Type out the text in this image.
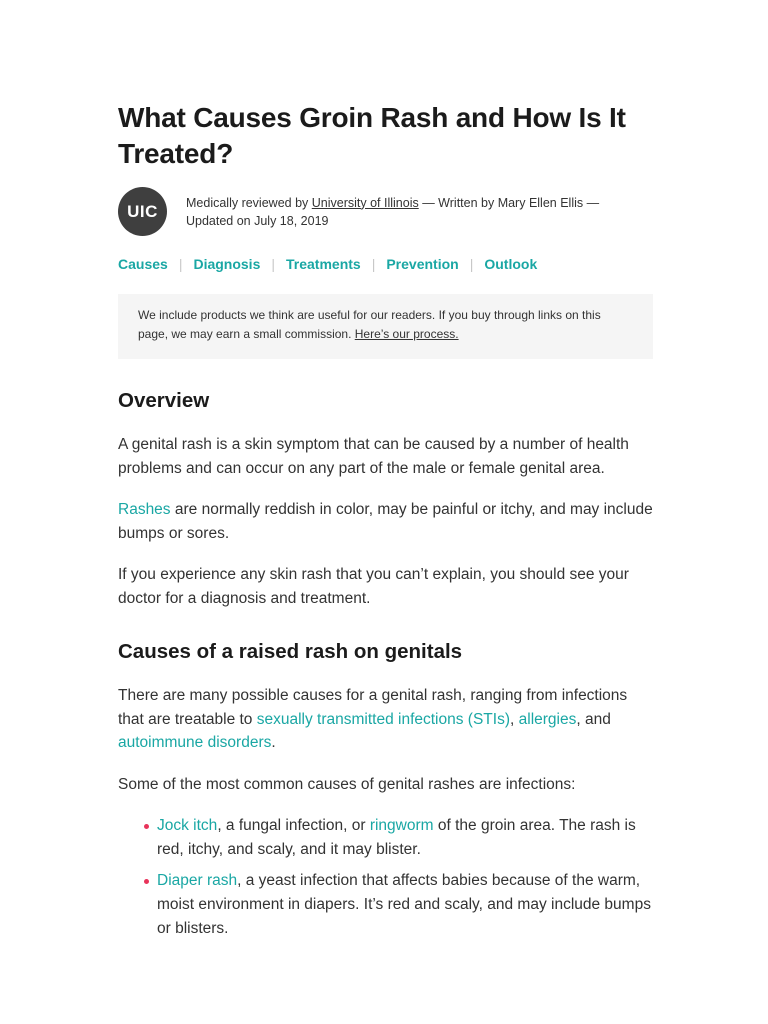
What Causes Groin Rash and How Is It Treated?
UIC	Medically reviewed by University of Illinois — Written by Mary Ellen Ellis —
Updated on July 18, 2019
Causes | Diagnosis | Treatments | Prevention | Outlook
We include products we think are useful for our readers. If you buy through links on this page, we may earn a small commission. Here’s our process.
Overview

A genital rash is a skin symptom that can be caused by a number of health problems and can occur on any part of the male or female genital area.

Rashes are normally reddish in color, may be painful or itchy, and may include bumps or sores.

If you experience any skin rash that you can’t explain, you should see your doctor for a diagnosis and treatment.

Causes of a raised rash on genitals

There are many possible causes for a genital rash, ranging from infections that are treatable to sexually transmitted infections (STIs), allergies, and autoimmune disorders.

Some of the most common causes of genital rashes are infections:

Jock itch, a fungal infection, or ringworm of the groin area. The rash is red, itchy, and scaly, and it may blister.
Diaper rash, a yeast infection that affects babies because of the warm, moist environment in diapers. It’s red and scaly, and may include bumps or blisters.
